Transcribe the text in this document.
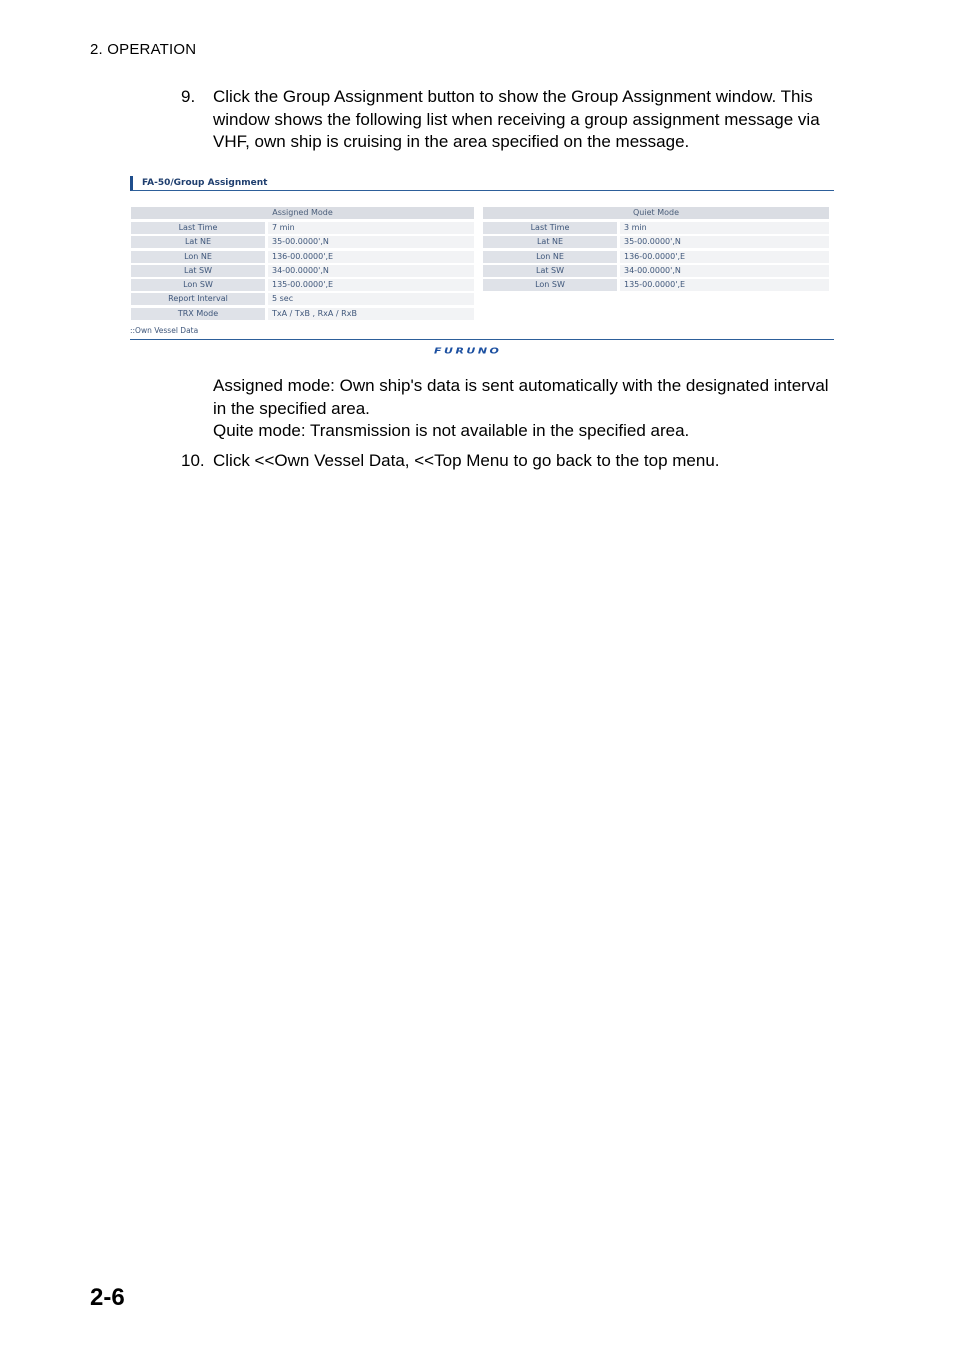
2. OPERATION
9. Click the Group Assignment button to show the Group Assignment window. This window shows the following list when receiving a group assignment message via VHF, own ship is cruising in the area specified on the message.
FA-50/Group Assignment
Assigned Mode
Last Time	7 min
Lat NE	35-00.0000',N
Lon NE	136-00.0000',E
Lat SW	34-00.0000',N
Lon SW	135-00.0000',E
Report Interval	5 sec
TRX Mode	TxA / TxB , RxA / RxB
Quiet Mode
Last Time	3 min
Lat NE	35-00.0000',N
Lon NE	136-00.0000',E
Lat SW	34-00.0000',N
Lon SW	135-00.0000',E
::Own Vessel Data
FURUNO
Assigned mode: Own ship's data is sent automatically with the designated interval
in the specified area.
Quite mode: Transmission is not available in the specified area.
10. Click <<Own Vessel Data, <<Top Menu to go back to the top menu.
2-6
